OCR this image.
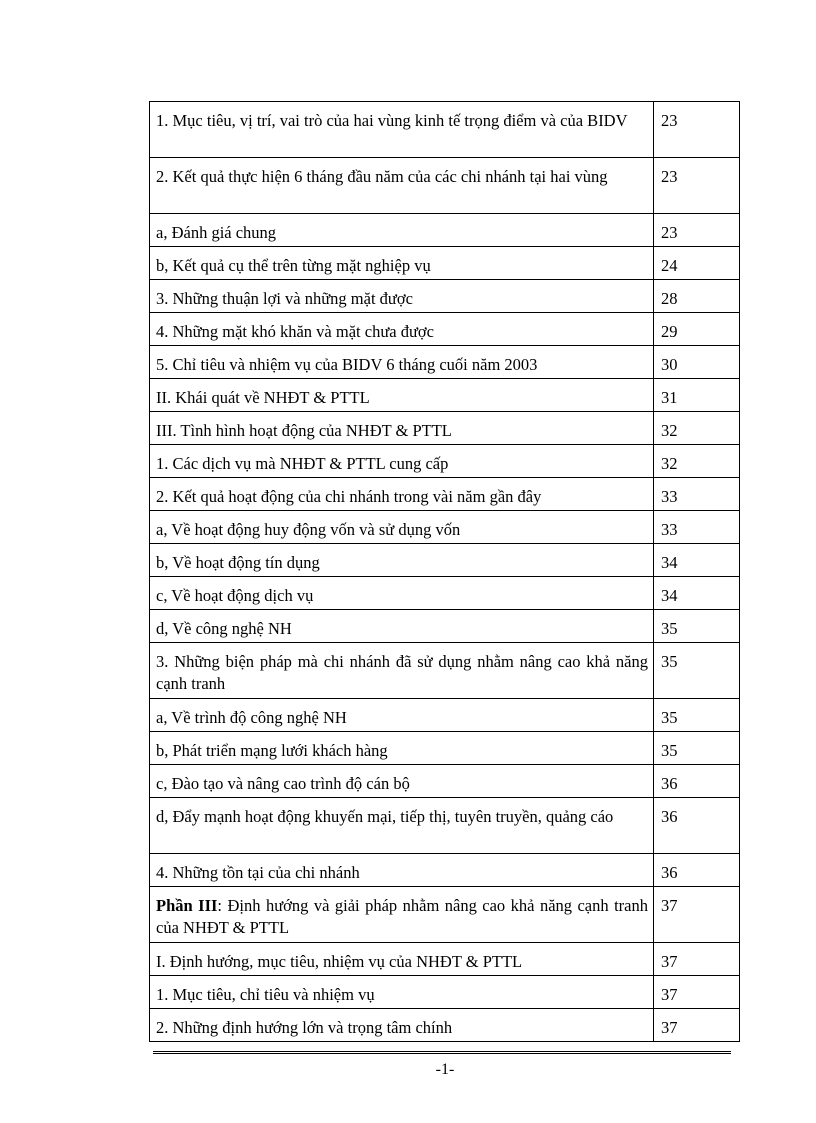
1. Mục tiêu, vị trí, vai trò của hai vùng kinh tế trọng điểm và của BIDV	23
2. Kết quả thực hiện 6 tháng đầu năm của các chi nhánh tại hai vùng	23
a, Đánh giá chung	23
b, Kết quả cụ thể trên từng mặt nghiệp vụ	24
3. Những thuận lợi và những mặt được	28
4. Những mặt khó khăn và mặt chưa được	29
5. Chỉ tiêu và nhiệm vụ của BIDV 6 tháng cuối năm 2003	30
II. Khái quát về NHĐT & PTTL	31
III. Tình hình hoạt động của NHĐT & PTTL	32
1. Các dịch vụ mà NHĐT & PTTL cung cấp	32
2. Kết quả hoạt động của chi nhánh trong vài năm gần đây	33
a, Về hoạt động huy động vốn và sử dụng vốn	33
b, Về hoạt động tín dụng	34
c, Về hoạt động dịch vụ	34
d, Về công nghệ NH	35
3. Những biện pháp mà chi nhánh đã sử dụng nhằm nâng cao khả năng cạnh tranh	35
a, Về trình độ công nghệ NH	35
b, Phát triển mạng lưới khách hàng	35
c, Đào tạo và nâng cao trình độ cán bộ	36
d, Đẩy mạnh hoạt động khuyến mại, tiếp thị, tuyên truyền, quảng cáo	36
4. Những tồn tại của chi nhánh	36
Phần III: Định hướng và giải pháp nhằm nâng cao khả năng cạnh tranh của NHĐT & PTTL	37
I. Định hướng, mục tiêu, nhiệm vụ của NHĐT & PTTL	37
1. Mục tiêu, chỉ tiêu và nhiệm vụ	37
2. Những định hướng lớn và trọng tâm chính	37
-1-
